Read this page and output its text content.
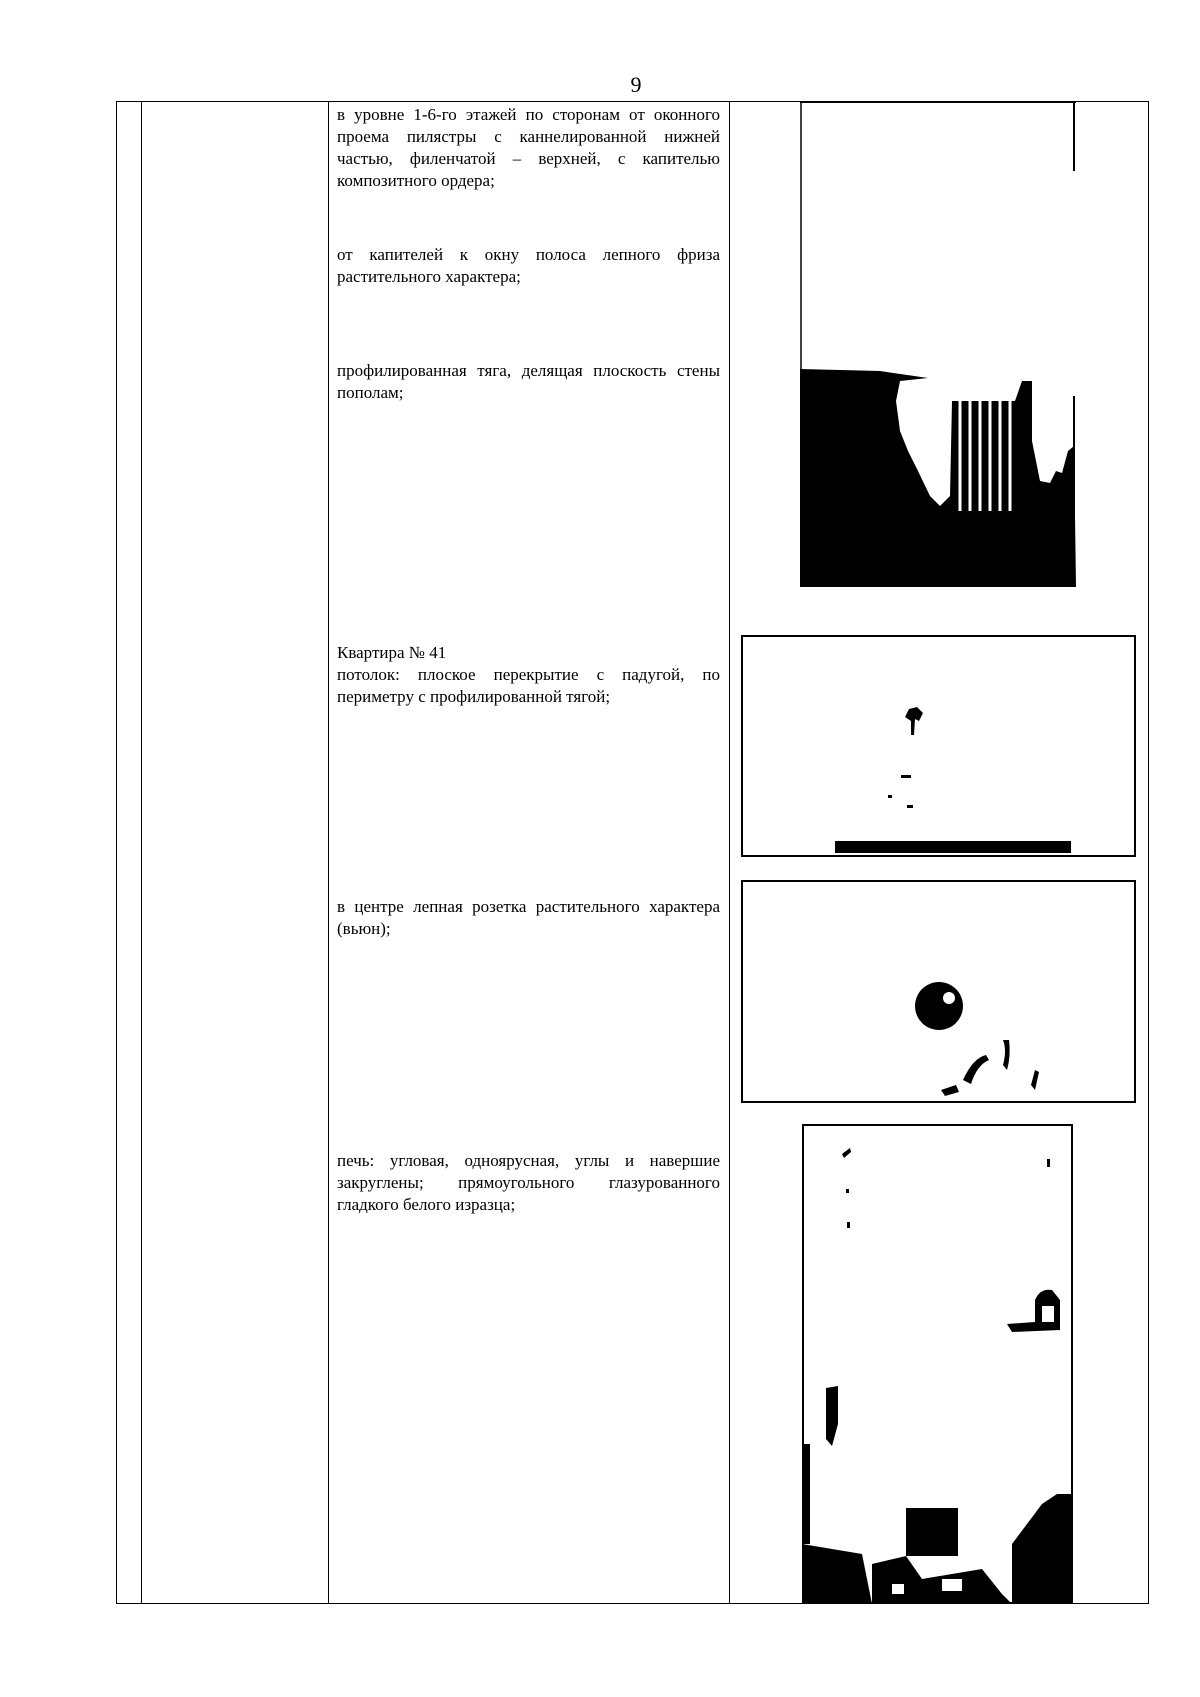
9

в уровне 1-6-го этажей по сторонам от оконного проема пилястры с каннелированной нижней частью, филенчатой – верхней, с капителью композитного ордера;

от капителей к окну полоса лепного фриза растительного характера;

профилированная тяга, делящая плоскость стены пополам;

Квартира № 41

потолок: плоское перекрытие с падугой, по периметру с профилированной тягой;

в центре лепная розетка растительного характера (вьюн);

печь: угловая, одноярусная, углы и навершие закруглены; прямоугольного глазурованного гладкого белого изразца;
